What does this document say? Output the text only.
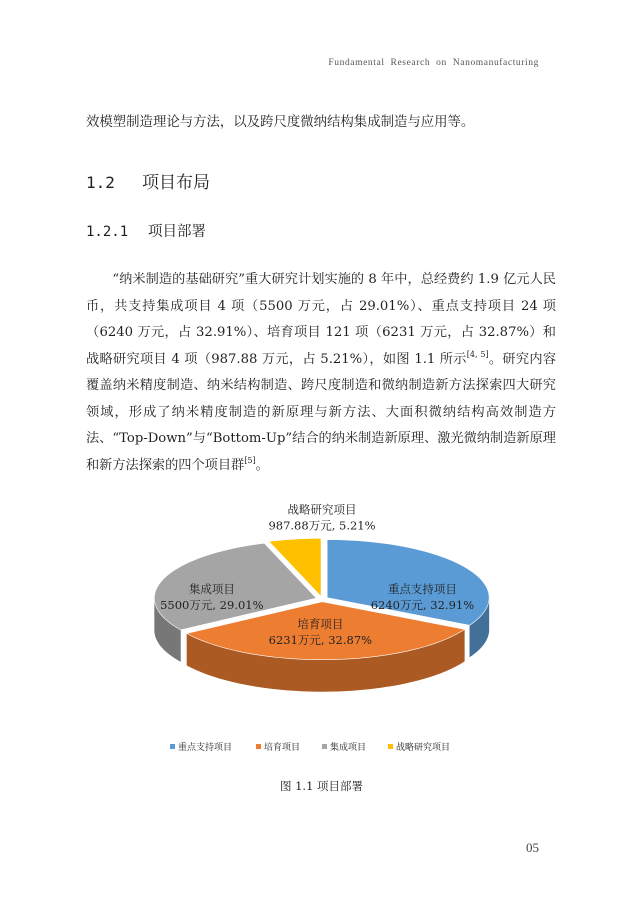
Fundamental Research on Nanomanufacturing
效模塑制造理论与方法，以及跨尺度微纳结构集成制造与应用等。
1.2 项目布局
1.2.1 项目部署
“纳米制造的基础研究”重大研究计划实施的 8 年中，总经费约 1.9 亿元人民币，共支持集成项目 4 项（5500 万元，占 29.01%）、重点支持项目 24 项（6240 万元，占 32.91%）、培育项目 121 项（6231 万元，占 32.87%）和战略研究项目 4 项（987.88 万元，占 5.21%），如图 1.1 所示[4, 5]。研究内容覆盖纳米精度制造、纳米结构制造、跨尺度制造和微纳制造新方法探索四大研究领域，形成了纳米精度制造的新原理与新方法、大面积微纳结构高效制造方法、“Top-Down”与“Bottom-Up”结合的纳米制造新原理、激光微纳制造新原理和新方法探索的四个项目群[5]。
重点支持项目
6240万元, 32.91%
培育项目
6231万元, 32.87%
集成项目
5500万元, 29.01%
战略研究项目
987.88万元, 5.21%
重点支持项目	培育项目	集成项目	战略研究项目
图 1.1 项目部署
05
